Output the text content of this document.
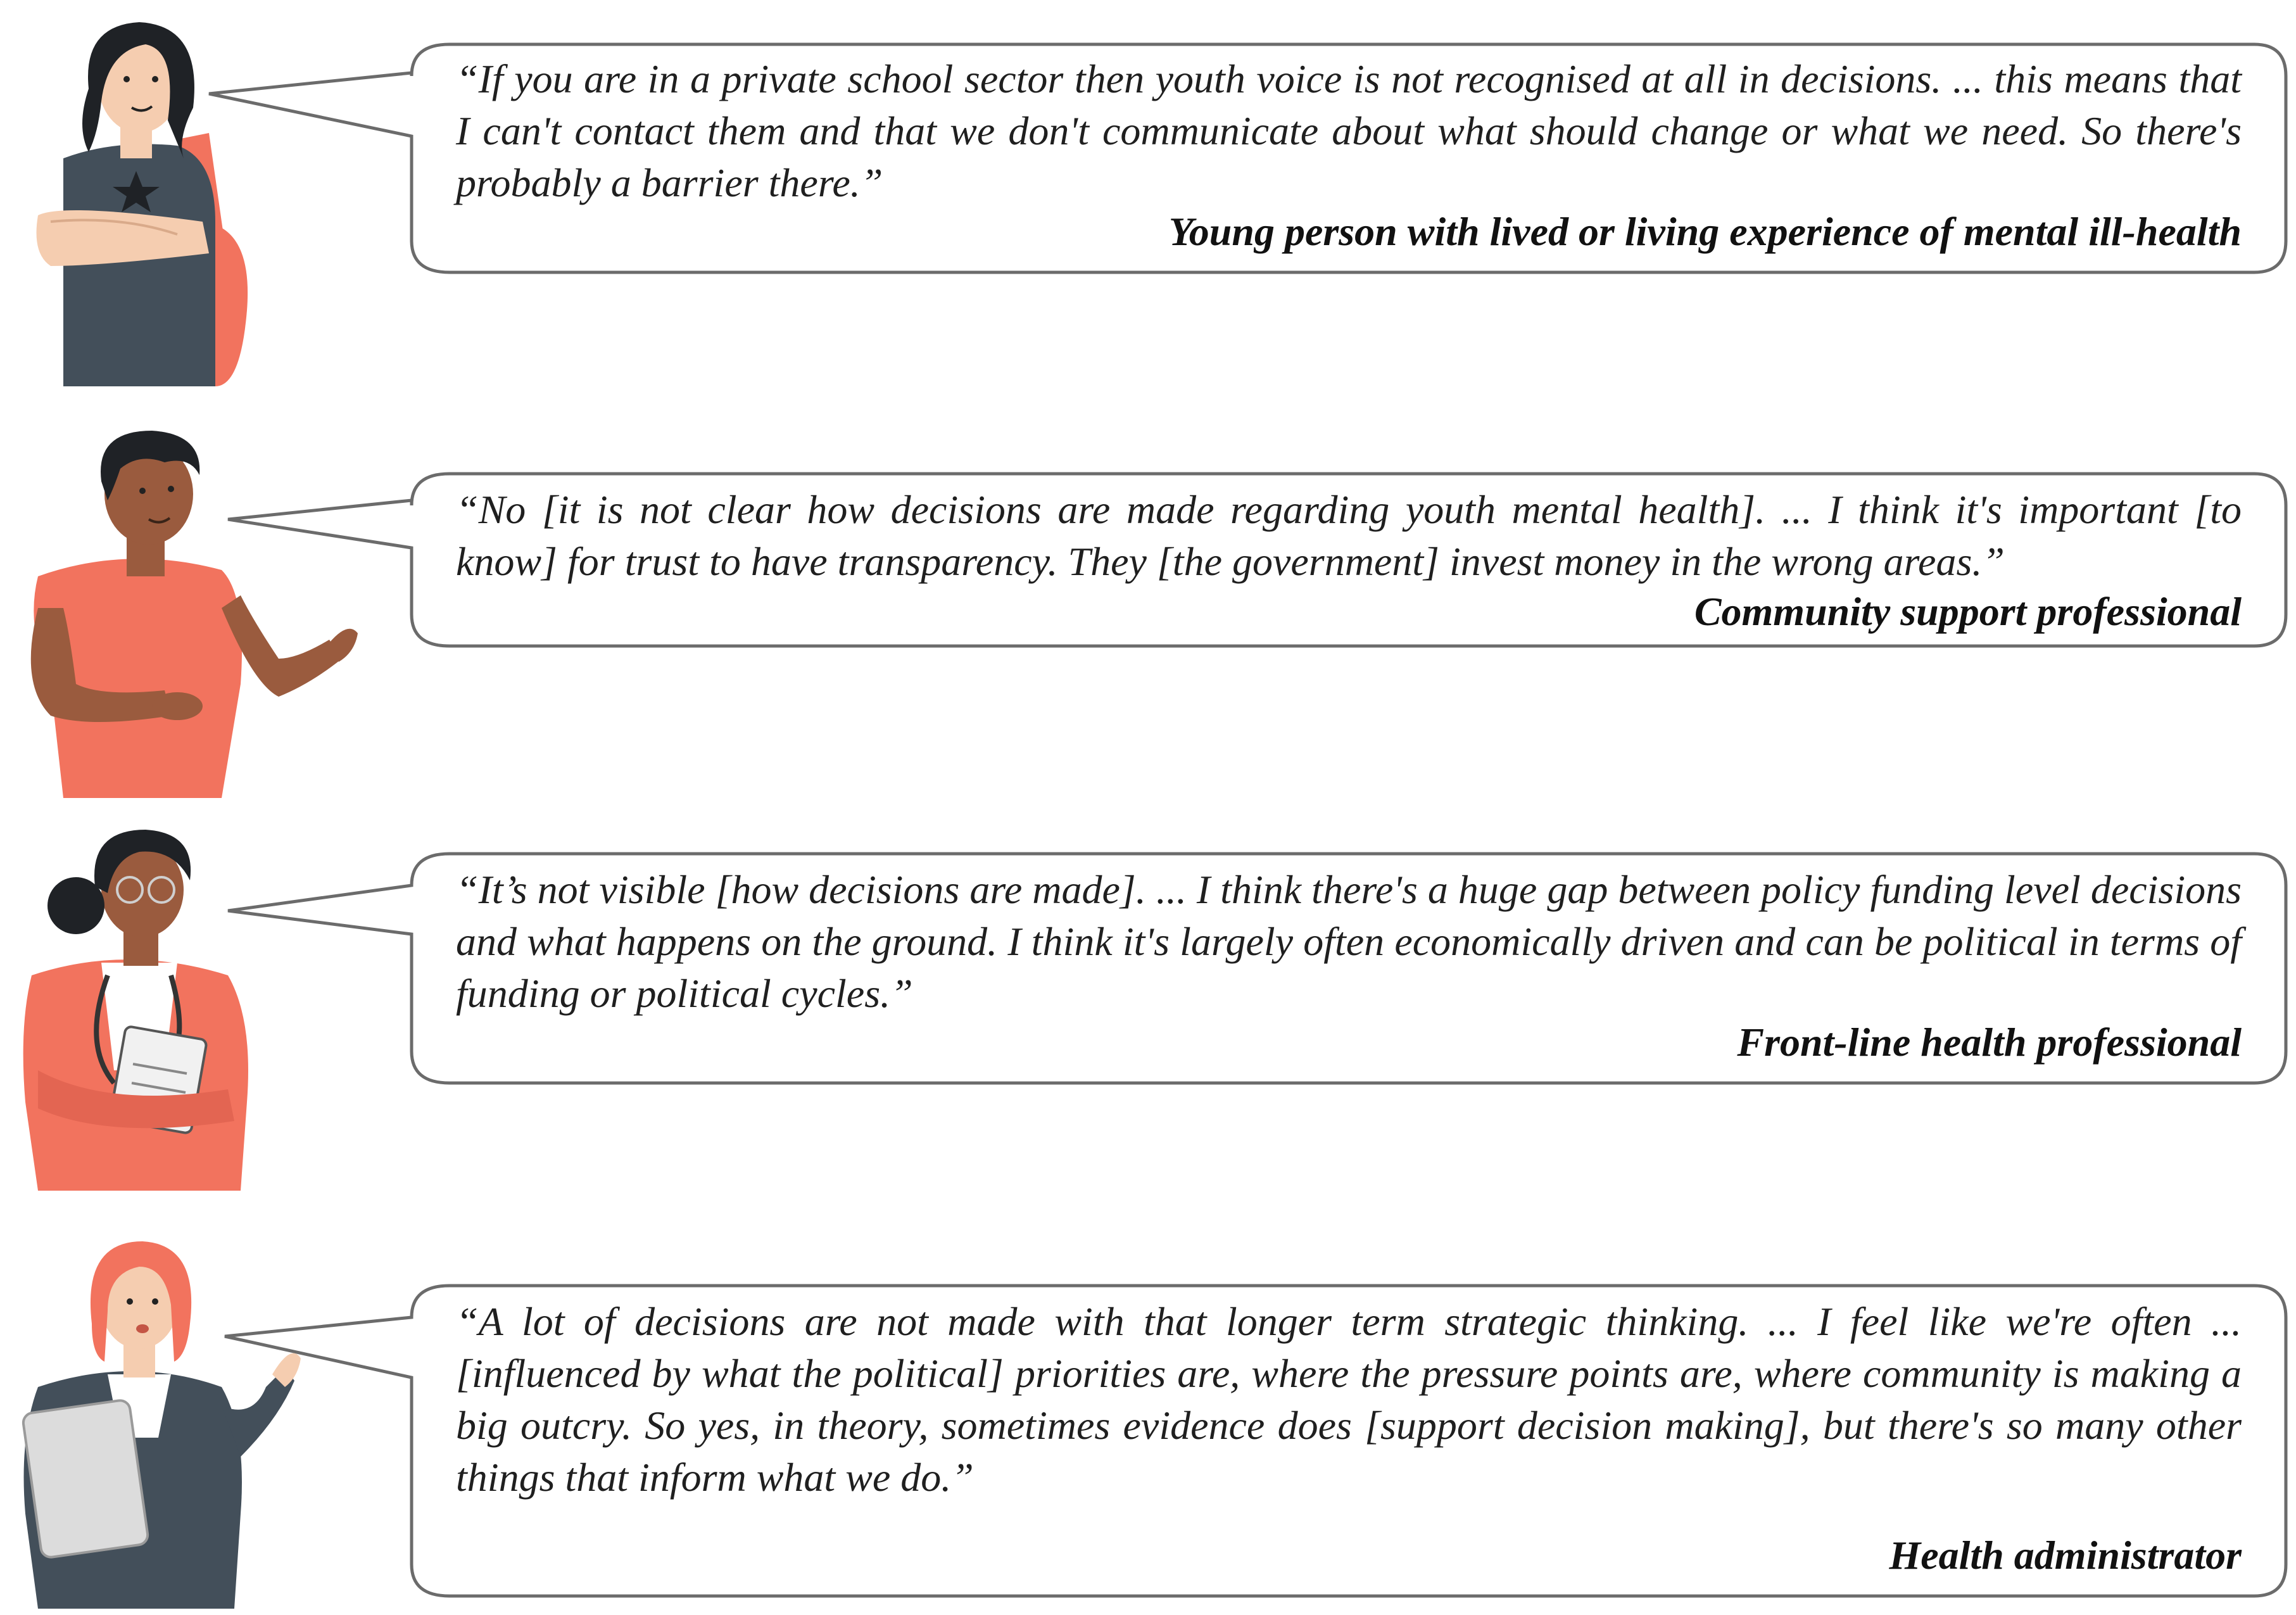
“If you are in a private school sector then youth voice is not recognised at all in decisions. ... this means that I can't contact them and that we don't communicate about what should change or what we need. So there's probably a barrier there.”
Young person with lived or living experience of mental ill-health
“No [it is not clear how decisions are made regarding youth mental health]. ... I think it's important [to know] for trust to have transparency. They [the government] invest money in the wrong areas.”
Community support professional
“It’s not visible [how decisions are made]. ... I think there's a huge gap between policy funding level decisions and what happens on the ground. I think it's largely often economically driven and can be political in terms of funding or political cycles.”
Front-line health professional
“A lot of decisions are not made with that longer term strategic thinking. ... I feel like we're often ... [influenced by what the political] priorities are, where the pressure points are, where community is making a big outcry. So yes, in theory, sometimes evidence does [support decision making], but there's so many other things that inform what we do.”
Health administrator
